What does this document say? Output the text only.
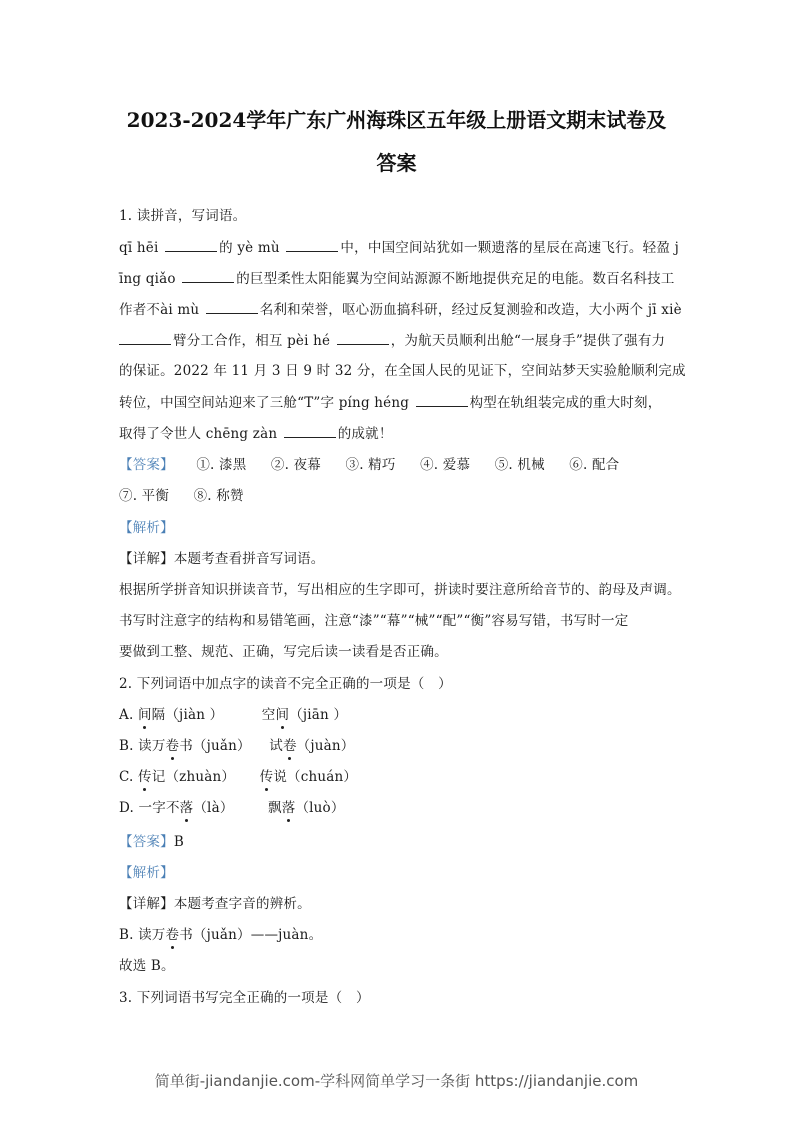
2023-2024学年广东广州海珠区五年级上册语文期末试卷及
答案
1. 读拼音，写词语。
qī hēi	的 yè mù	中，中国空间站犹如一颗遗落的星辰在高速飞行。轻盈 j
īng qiǎo	的巨型柔性太阳能翼为空间站源源不断地提供充足的电能。数百名科技工
作者不ài mù	名利和荣誉，呕心沥血搞科研，经过反复测验和改造，大小两个 jī xiè
臂分工合作，相互 pèi hé	，为航天员顺利出舱“一展身手”提供了强有力
的保证。2022 年 11 月 3 日 9 时 32 分，在全国人民的见证下，空间站梦天实验舱顺利完成
转位，中国空间站迎来了三舱“T”字 píng héng	构型在轨组装完成的重大时刻，
取得了令世人 chēng zàn	的成就！
【答案】 ①. 漆黑 ②. 夜幕 ③. 精巧 ④. 爱慕 ⑤. 机械 ⑥. 配合
⑦. 平衡 ⑧. 称赞
【解析】
【详解】本题考查看拼音写词语。
根据所学拼音知识拼读音节，写出相应的生字即可，拼读时要注意所给音节的、韵母及声调。
书写时注意字的结构和易错笔画，注意“漆”“幕”“械”“配”“衡”容易写错，书写时一定
要做到工整、规范、正确，写完后读一读看是否正确。
2. 下列词语中加点字的读音不完全正确的一项是（　）
A. 间隔（jiàn ）	空间（jiān ）
B. 读万卷书（juǎn） 试卷（juàn）
C. 传记（zhuàn） 传说（chuán）
D. 一字不落（là）	飘落（luò）
【答案】B
【解析】
【详解】本题考查字音的辨析。
B. 读万卷书（juǎn）——juàn。
故选 B。
3. 下列词语书写完全正确的一项是（　）
简单街-jiandanjie.com-学科网简单学习一条街 https://jiandanjie.com
